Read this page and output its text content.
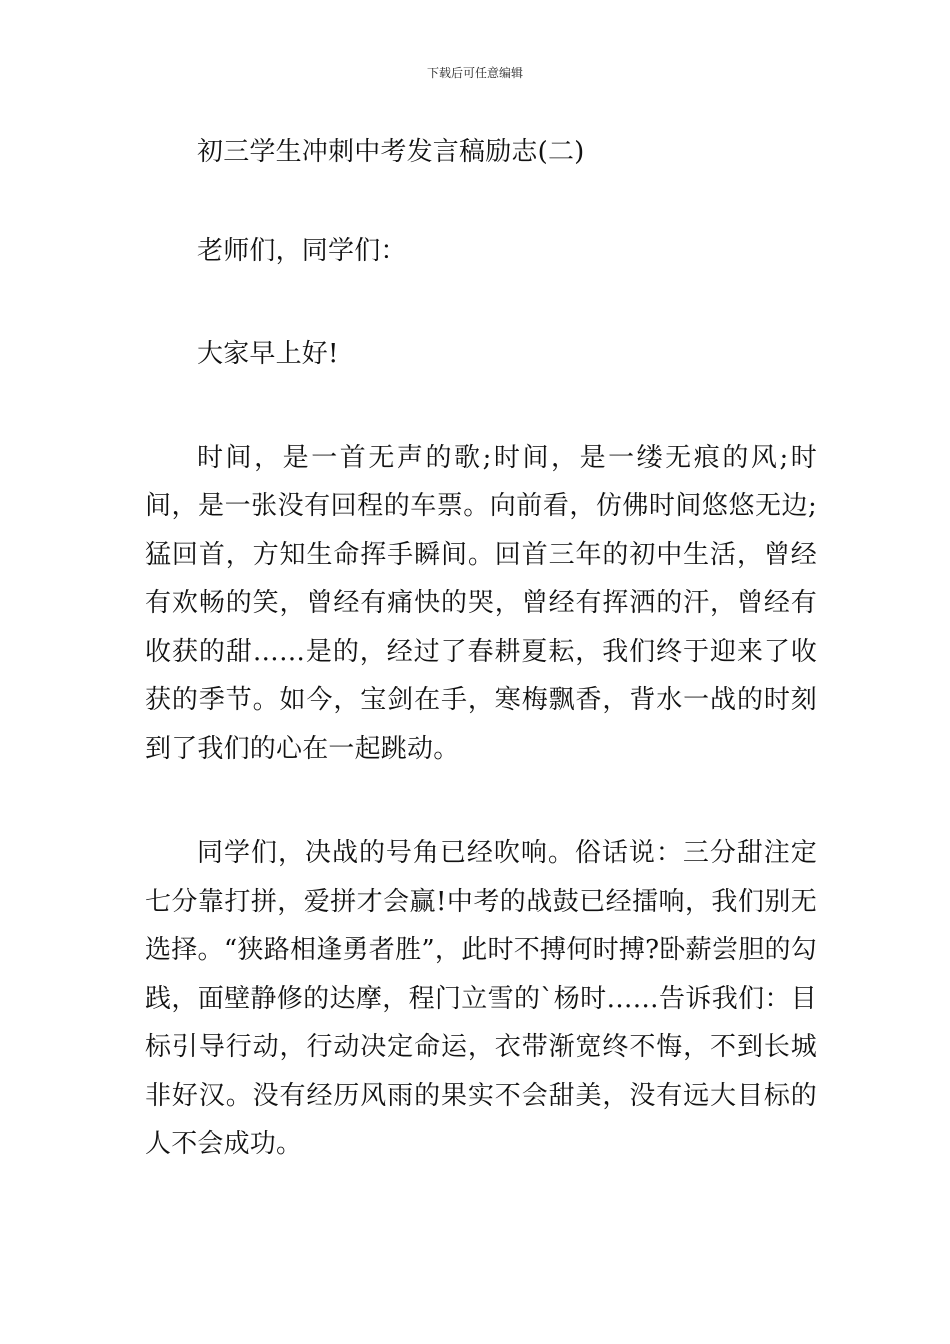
下载后可任意编辑

初三学生冲刺中考发言稿励志(二)

老师们，同学们：

大家早上好!

时间，是一首无声的歌;时间，是一缕无痕的风;时间，是一张没有回程的车票。向前看，仿佛时间悠悠无边;猛回首，方知生命挥手瞬间。回首三年的初中生活，曾经有欢畅的笑，曾经有痛快的哭，曾经有挥洒的汗，曾经有收获的甜……是的，经过了春耕夏耘，我们终于迎来了收获的季节。如今，宝剑在手，寒梅飘香，背水一战的时刻到了我们的心在一起跳动。

同学们，决战的号角已经吹响。俗话说：三分甜注定七分靠打拼，爱拼才会赢!中考的战鼓已经擂响，我们别无选择。“狭路相逢勇者胜”，此时不搏何时搏?卧薪尝胆的勾践，面壁静修的达摩，程门立雪的`杨时……告诉我们：目标引导行动，行动决定命运，衣带渐宽终不悔，不到长城非好汉。没有经历风雨的果实不会甜美，没有远大目标的人不会成功。
